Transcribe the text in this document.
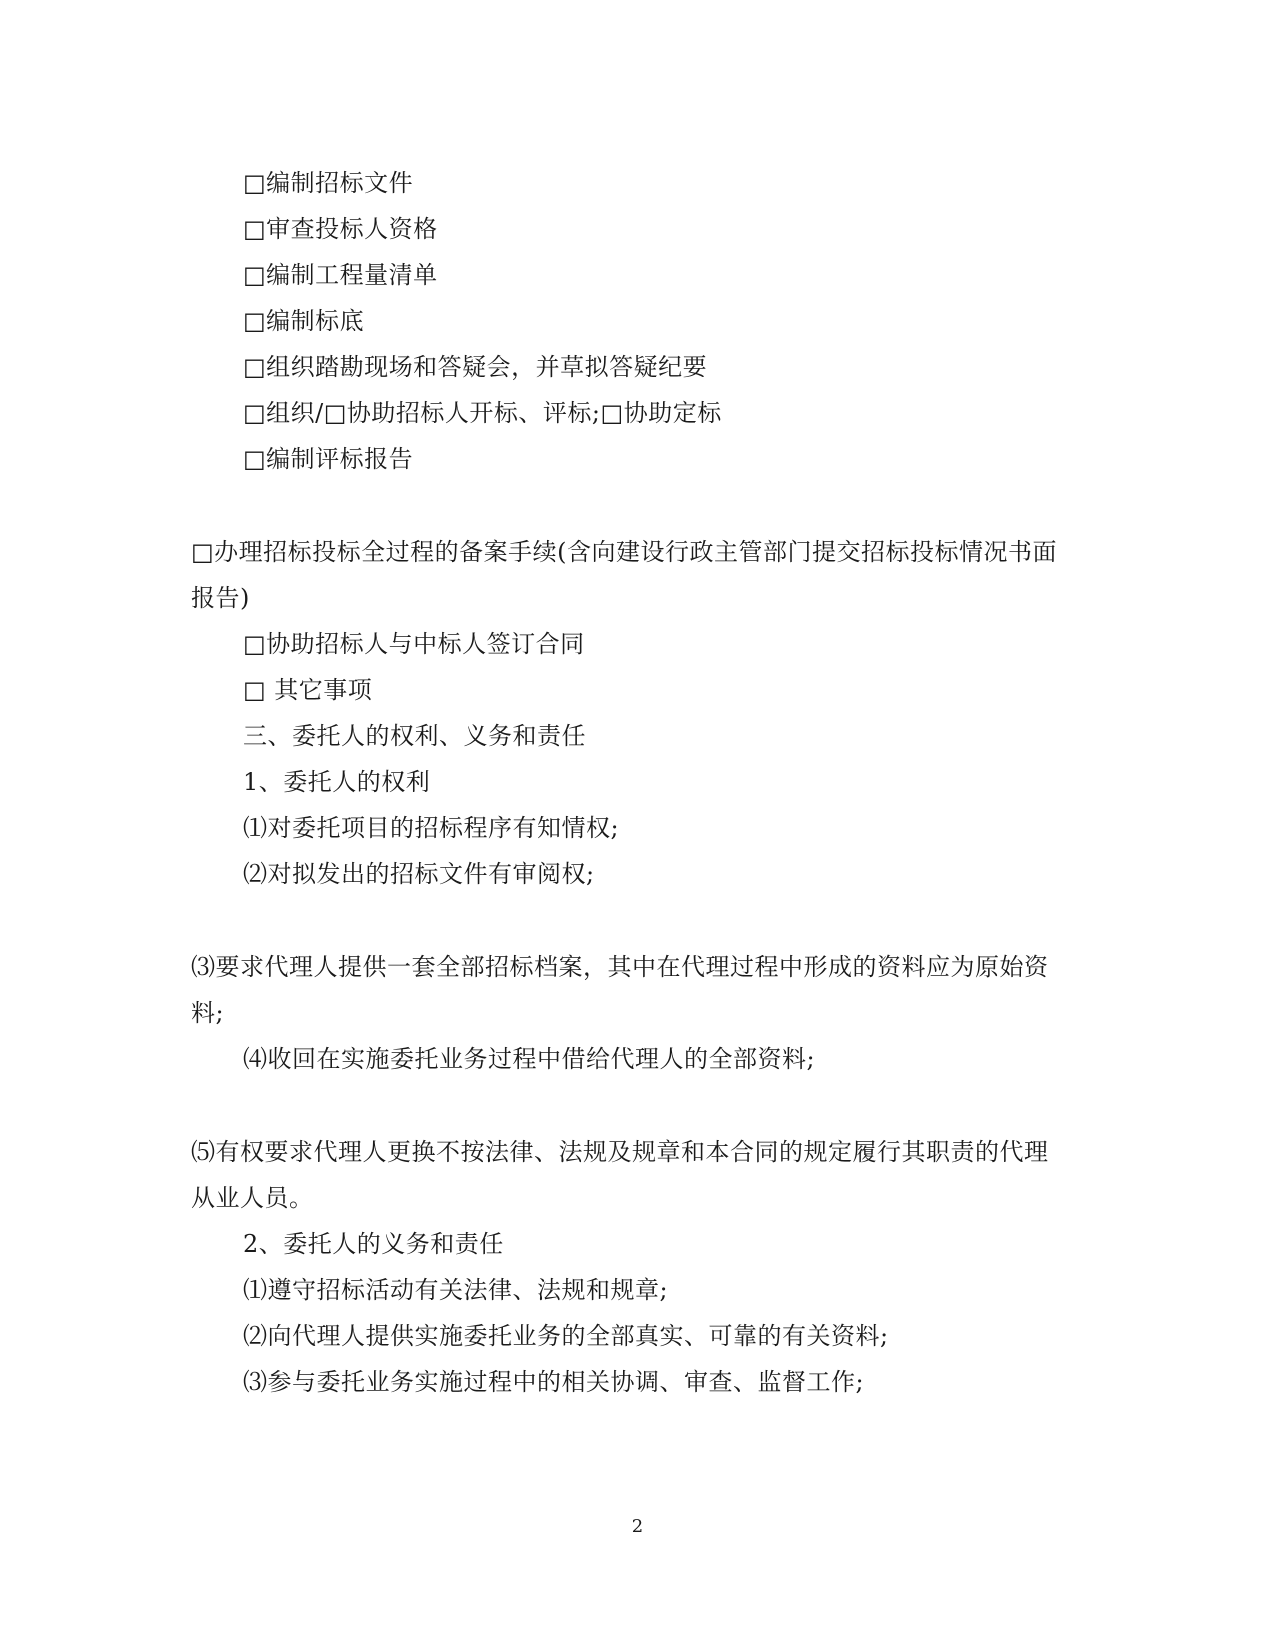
□编制招标文件
□审查投标人资格
□编制工程量清单
□编制标底
□组织踏勘现场和答疑会，并草拟答疑纪要
□组织/□协助招标人开标、评标;□协助定标
□编制评标报告
□办理招标投标全过程的备案手续(含向建设行政主管部门提交招标投标情况书面
报告)
□协助招标人与中标人签订合同
□ 其它事项
三、委托人的权利、义务和责任
1、委托人的权利
⑴对委托项目的招标程序有知情权;
⑵对拟发出的招标文件有审阅权;
⑶要求代理人提供一套全部招标档案，其中在代理过程中形成的资料应为原始资
料;
⑷收回在实施委托业务过程中借给代理人的全部资料;
⑸有权要求代理人更换不按法律、法规及规章和本合同的规定履行其职责的代理
从业人员。
2、委托人的义务和责任
⑴遵守招标活动有关法律、法规和规章;
⑵向代理人提供实施委托业务的全部真实、可靠的有关资料;
⑶参与委托业务实施过程中的相关协调、审查、监督工作;
2
